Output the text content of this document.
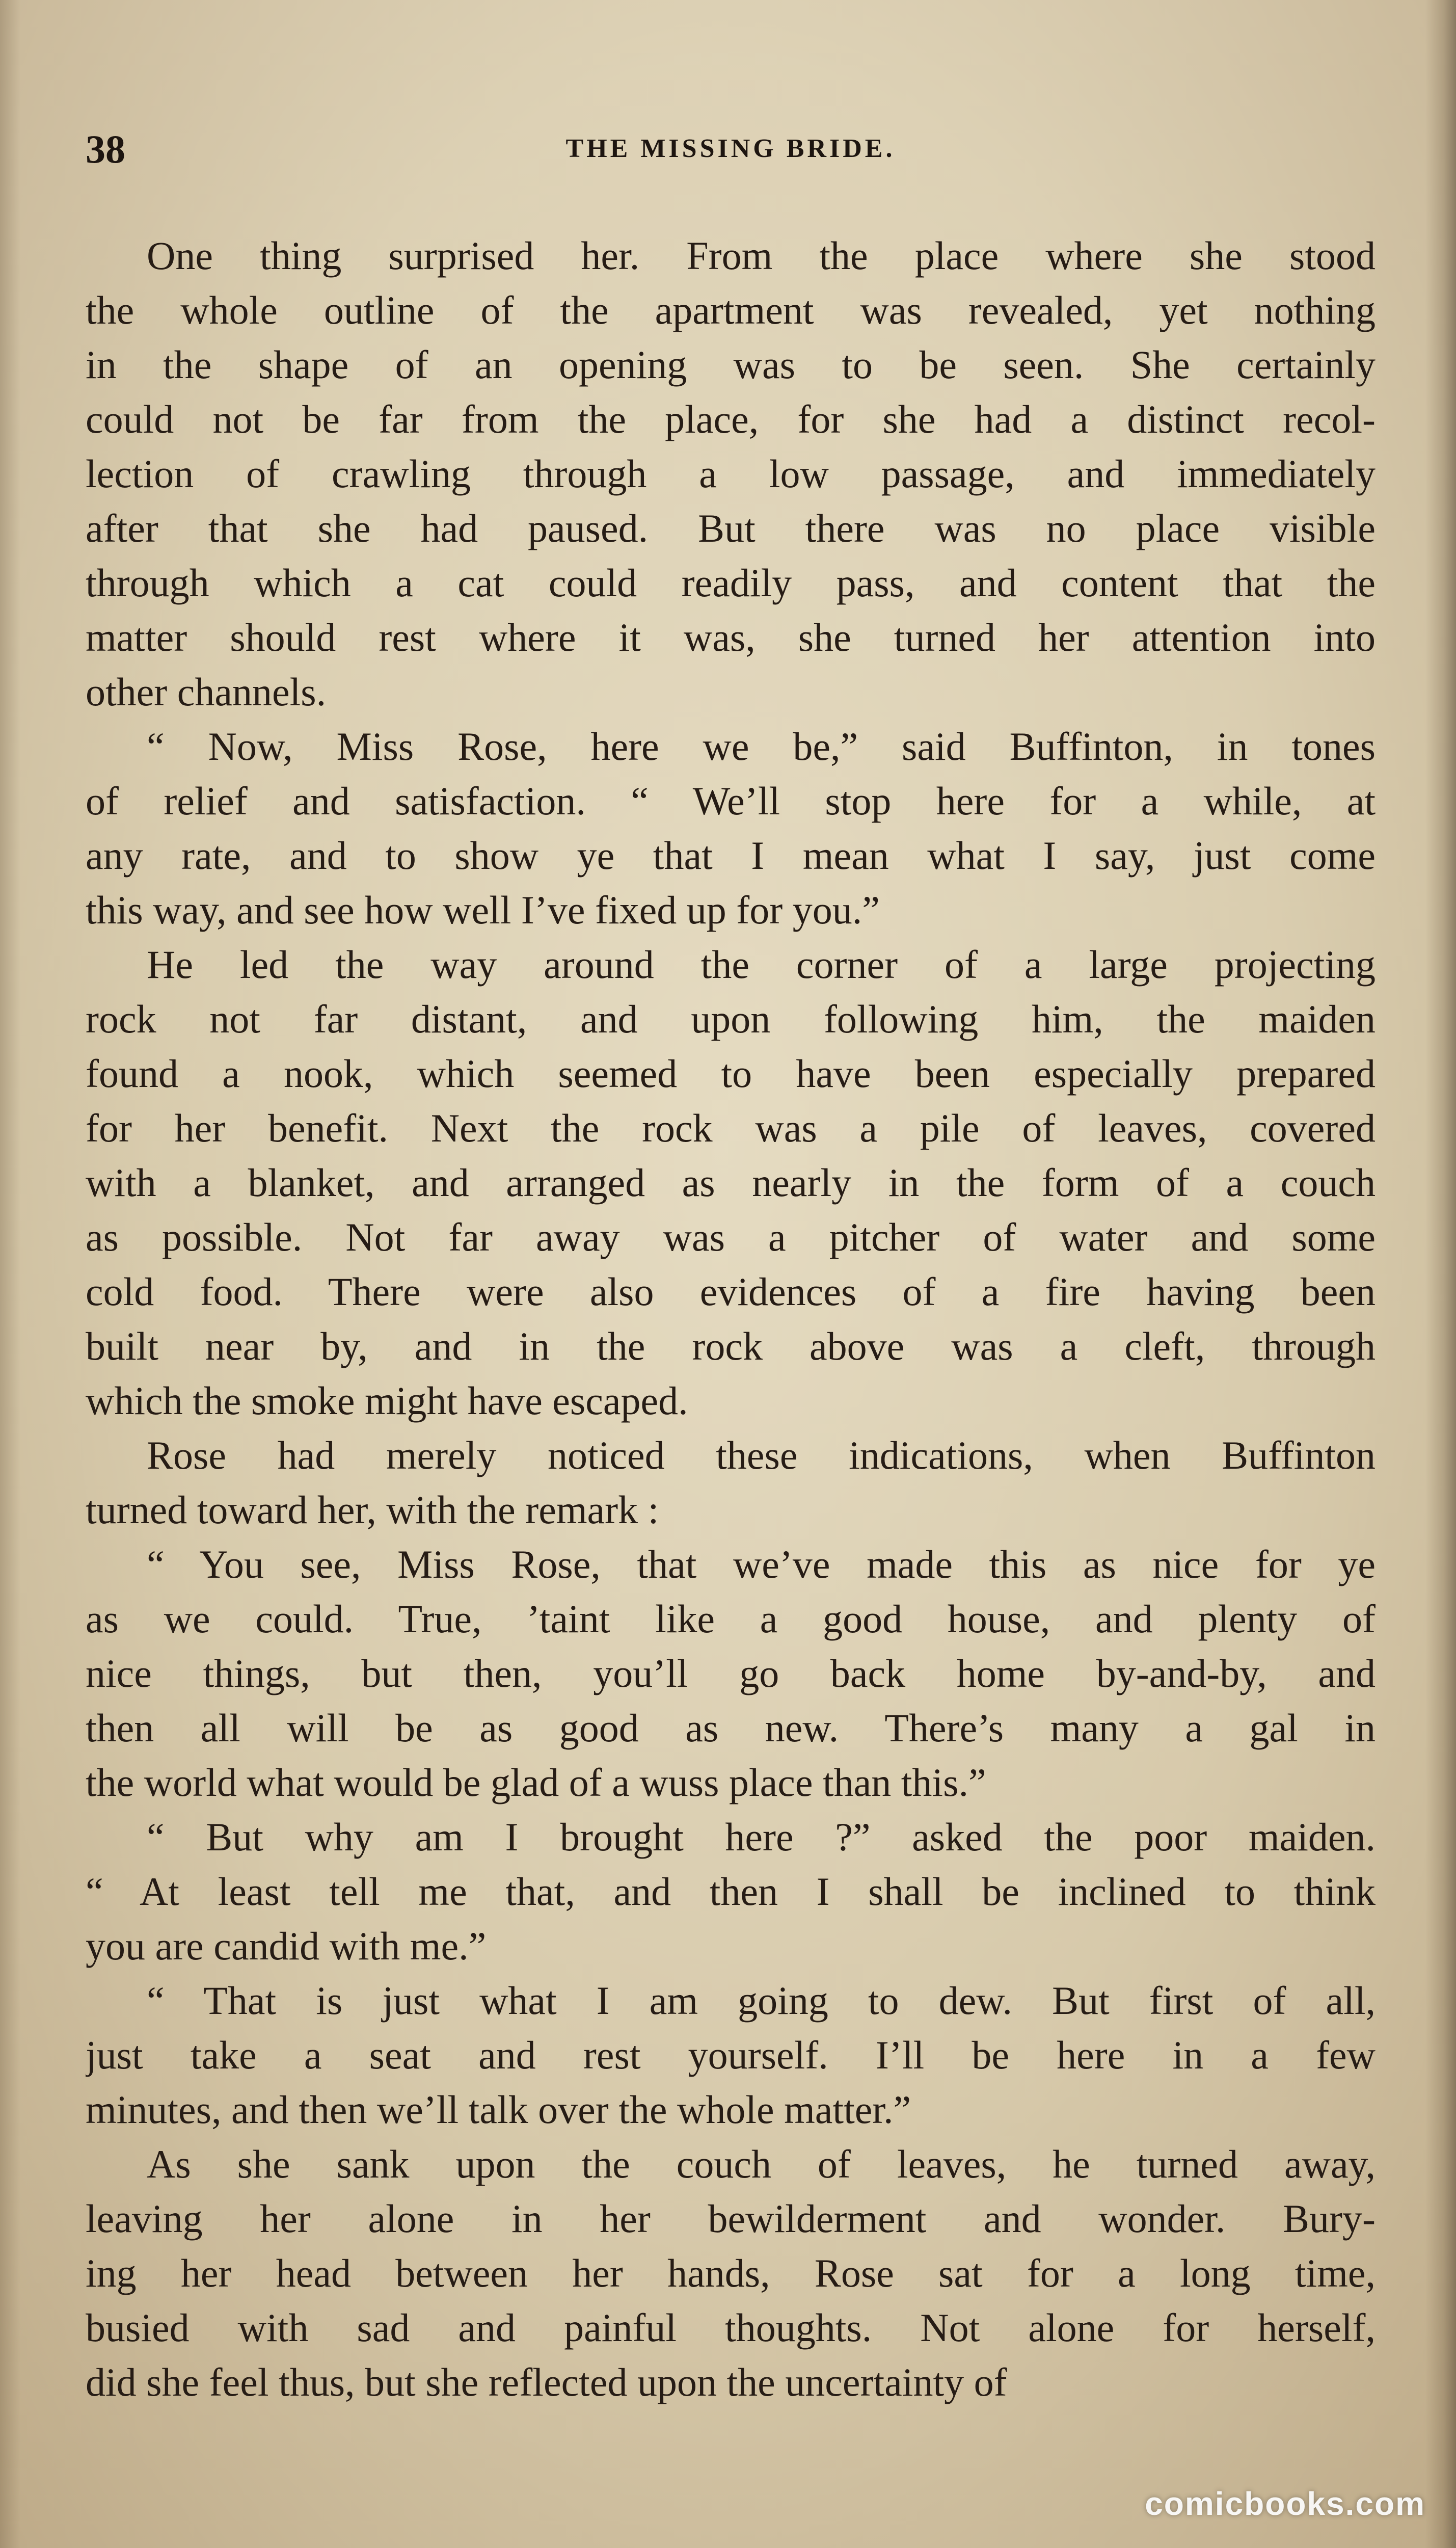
38	THE MISSING BRIDE.
One thing surprised her. From the place where she stood
the whole outline of the apartment was revealed, yet nothing
in the shape of an opening was to be seen. She certainly
could not be far from the place, for she had a distinct recol-
lection of crawling through a low passage, and immediately
after that she had paused. But there was no place visible
through which a cat could readily pass, and content that the
matter should rest where it was, she turned her attention into
other channels.
“ Now, Miss Rose, here we be,” said Buffinton, in tones
of relief and satisfaction. “ We’ll stop here for a while, at
any rate, and to show ye that I mean what I say, just come
this way, and see how well I’ve fixed up for you.”
He led the way around the corner of a large projecting
rock not far distant, and upon following him, the maiden
found a nook, which seemed to have been especially prepared
for her benefit. Next the rock was a pile of leaves, covered
with a blanket, and arranged as nearly in the form of a couch
as possible. Not far away was a pitcher of water and some
cold food. There were also evidences of a fire having been
built near by, and in the rock above was a cleft, through
which the smoke might have escaped.
Rose had merely noticed these indications, when Buffinton
turned toward her, with the remark :
“ You see, Miss Rose, that we’ve made this as nice for ye
as we could. True, ’taint like a good house, and plenty of
nice things, but then, you’ll go back home by-and-by, and
then all will be as good as new. There’s many a gal in
the world what would be glad of a wuss place than this.”
“ But why am I brought here ?” asked the poor maiden.
“ At least tell me that, and then I shall be inclined to think
you are candid with me.”
“ That is just what I am going to dew. But first of all,
just take a seat and rest yourself. I’ll be here in a few
minutes, and then we’ll talk over the whole matter.”
As she sank upon the couch of leaves, he turned away,
leaving her alone in her bewilderment and wonder. Bury-
ing her head between her hands, Rose sat for a long time,
busied with sad and painful thoughts. Not alone for herself,
did she feel thus, but she reflected upon the uncertainty of
comicbooks.com
